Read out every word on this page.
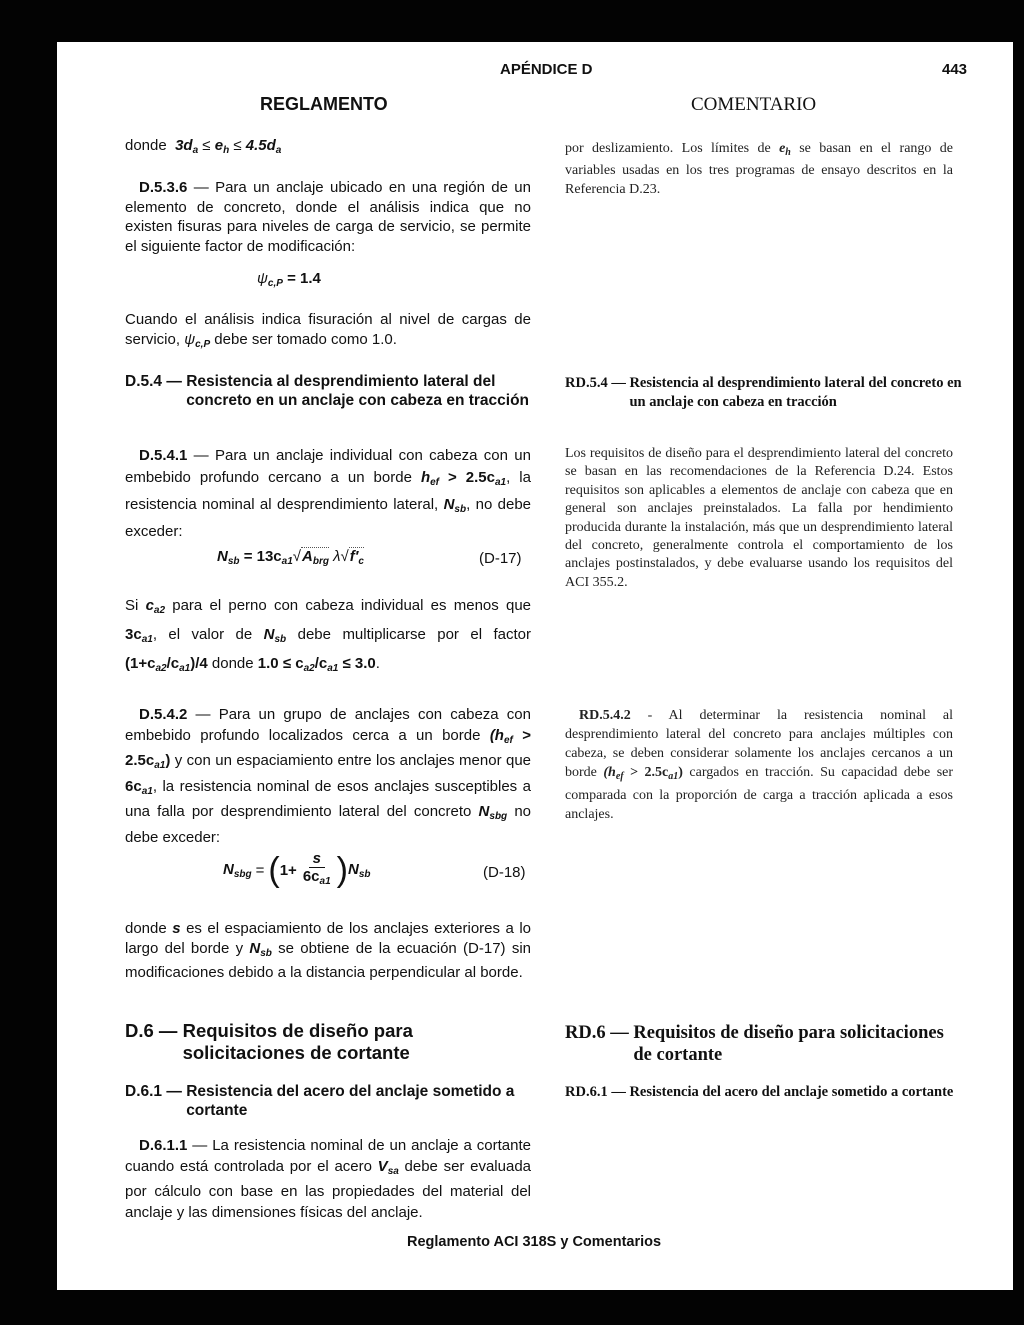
APÉNDICE D	443
REGLAMENTO	COMENTARIO
donde $3d_a \le e_h \le 4.5d_a$
D.5.3.6 — Para un anclaje ubicado en una región de un elemento de concreto, donde el análisis indica que no existen fisuras para niveles de carga de servicio, se permite el siguiente factor de modificación:
$\psi_{c,P} = 1.4$
Cuando el análisis indica fisuración al nivel de cargas de servicio, $\psi_{c,P}$ debe ser tomado como 1.0.
D.5.4 — Resistencia al desprendimiento lateral del concreto en un anclaje con cabeza en tracción
D.5.4.1 — Para un anclaje individual con cabeza con un embebido profundo cercano a un borde $h_{ef} > 2.5c_{a1}$, la resistencia nominal al desprendimiento lateral, $N_{sb}$, no debe exceder:
$N_{sb} = 13c_{a1}√A_{brg}$ $\lambda√f'_c$	(D-17)
Si $c_{a2}$ para el perno con cabeza individual es menos que $3c_{a1}$, el valor de $N_{sb}$ debe multiplicarse por el factor $(1+c_{a2}/c_{a1})/4$ donde $1.0 \le c_{a2}/c_{a1} \le 3.0$.
D.5.4.2 — Para un grupo de anclajes con cabeza con embebido profundo localizados cerca a un borde $(h_{ef} > 2.5c_{a1})$ y con un espaciamiento entre los anclajes menor que $6c_{a1}$, la resistencia nominal de esos anclajes susceptibles a una falla por desprendimiento lateral del concreto $N_{sbg}$ no debe exceder:
$N_{sbg}$ = ( $1+ \frac{s}{6c_{a1}}$ ) $N_{sb}$	(D-18)
donde s es el espaciamiento de los anclajes exteriores a lo largo del borde y $N_{sb}$ se obtiene de la ecuación (D-17) sin modificaciones debido a la distancia perpendicular al borde.
D.6 — Requisitos de diseño para solicitaciones de cortante
D.6.1 — Resistencia del acero del anclaje sometido a cortante
D.6.1.1 — La resistencia nominal de un anclaje a cortante cuando está controlada por el acero $V_{sa}$ debe ser evaluada por cálculo con base en las propiedades del material del anclaje y las dimensiones físicas del anclaje.
por deslizamiento. Los límites de $e_h$ se basan en el rango de variables usadas en los tres programas de ensayo descritos en la Referencia D.23.
RD.5.4 — Resistencia al desprendimiento lateral del concreto en un anclaje con cabeza en tracción
Los requisitos de diseño para el desprendimiento lateral del concreto se basan en las recomendaciones de la Referencia D.24. Estos requisitos son aplicables a elementos de anclaje con cabeza que en general son anclajes preinstalados. La falla por hendimiento producida durante la instalación, más que un desprendimiento lateral del concreto, generalmente controla el comportamiento de los anclajes postinstalados, y debe evaluarse usando los requisitos del ACI 355.2.
RD.5.4.2 - Al determinar la resistencia nominal al desprendimiento lateral del concreto para anclajes múltiples con cabeza, se deben considerar solamente los anclajes cercanos a un borde $(h_{ef} > 2.5c_{a1})$ cargados en tracción. Su capacidad debe ser comparada con la proporción de carga a tracción aplicada a esos anclajes.
RD.6 — Requisitos de diseño para solicitaciones de cortante
RD.6.1 — Resistencia del acero del anclaje sometido a cortante
Reglamento ACI 318S y Comentarios
